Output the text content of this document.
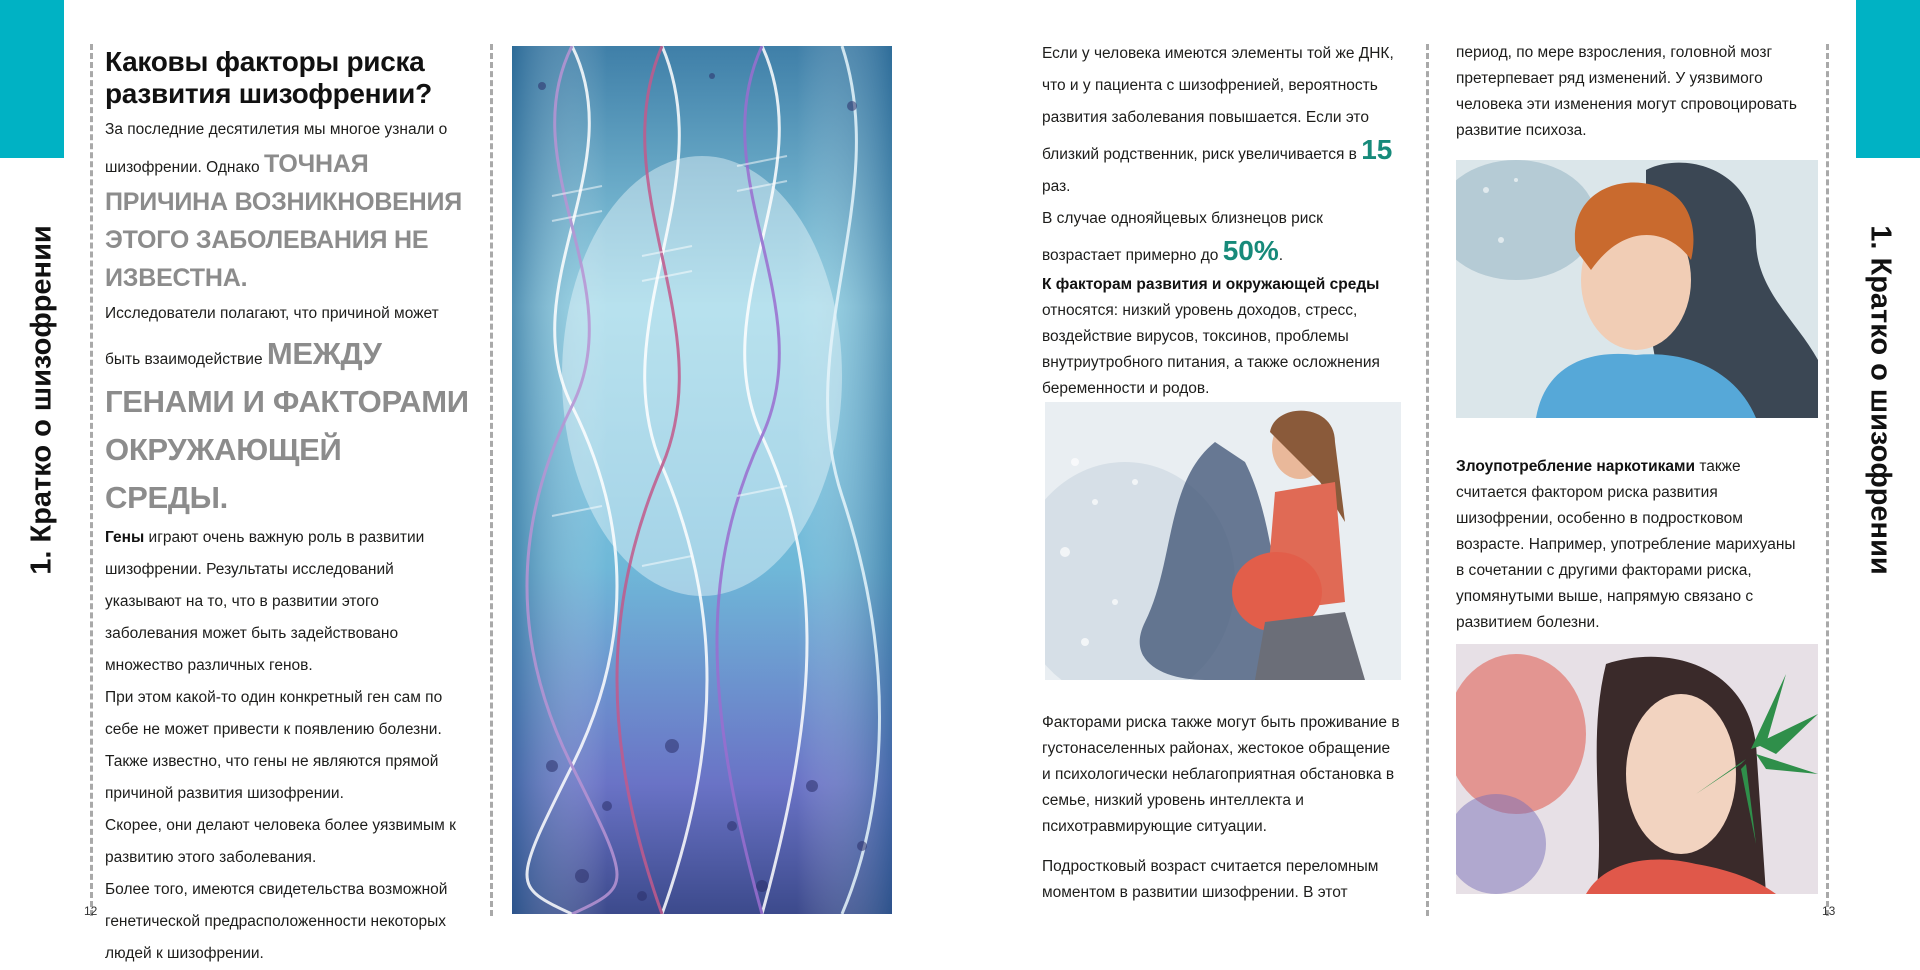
1. Кратко о шизофрении	1. Кратко о шизофрении
12	13
Каковы факторы риска развития шизофрении?

За последние десятилетия мы многое узнали о шизофрении. Однако ТОЧНАЯ ПРИЧИНА ВОЗНИКНОВЕНИЯ ЭТОГО ЗАБОЛЕВАНИЯ НЕ ИЗВЕСТНА.

Исследователи полагают, что причиной может быть взаимодействие МЕЖДУ ГЕНАМИ И ФАКТОРАМИ ОКРУЖАЮЩЕЙ СРЕДЫ.

Гены играют очень важную роль в развитии шизофрении. Результаты исследований указывают на то, что в развитии этого заболевания может быть задействовано множество различных генов.

При этом какой-то один конкретный ген сам по себе не может привести к появлению болезни. Также известно, что гены не являются прямой причиной развития шизофрении.

Скорее, они делают человека более уязвимым к развитию этого заболевания.

Более того, имеются свидетельства возможной генетической предрасположенности некоторых людей к шизофрении.

Если у человека имеются элементы той же ДНК, что и у пациента с шизофренией, вероятность развития заболевания повышается. Если это близкий родственник, риск увеличивается в 15 раз.

В случае однояйцевых близнецов риск возрастает примерно до 50%.

К факторам развития и окружающей среды относятся: низкий уровень доходов, стресс, воздействие вирусов, токсинов, проблемы внутриутробного питания, а также осложнения беременности и родов.

Факторами риска также могут быть проживание в густонаселенных районах, жестокое обращение и психологически неблагоприятная обстановка в семье, низкий уровень интеллекта и психотравмирующие ситуации.

Подростковый возраст считается переломным моментом в развитии шизофрении. В этот

период, по мере взросления, головной мозг претерпевает ряд изменений. У уязвимого человека эти изменения могут спровоцировать развитие психоза.

Злоупотребление наркотиками также считается фактором риска развития шизофрении, особенно в подростковом возрасте. Например, употребление марихуаны в сочетании с другими факторами риска, упомянутыми выше, напрямую связано с развитием болезни.
